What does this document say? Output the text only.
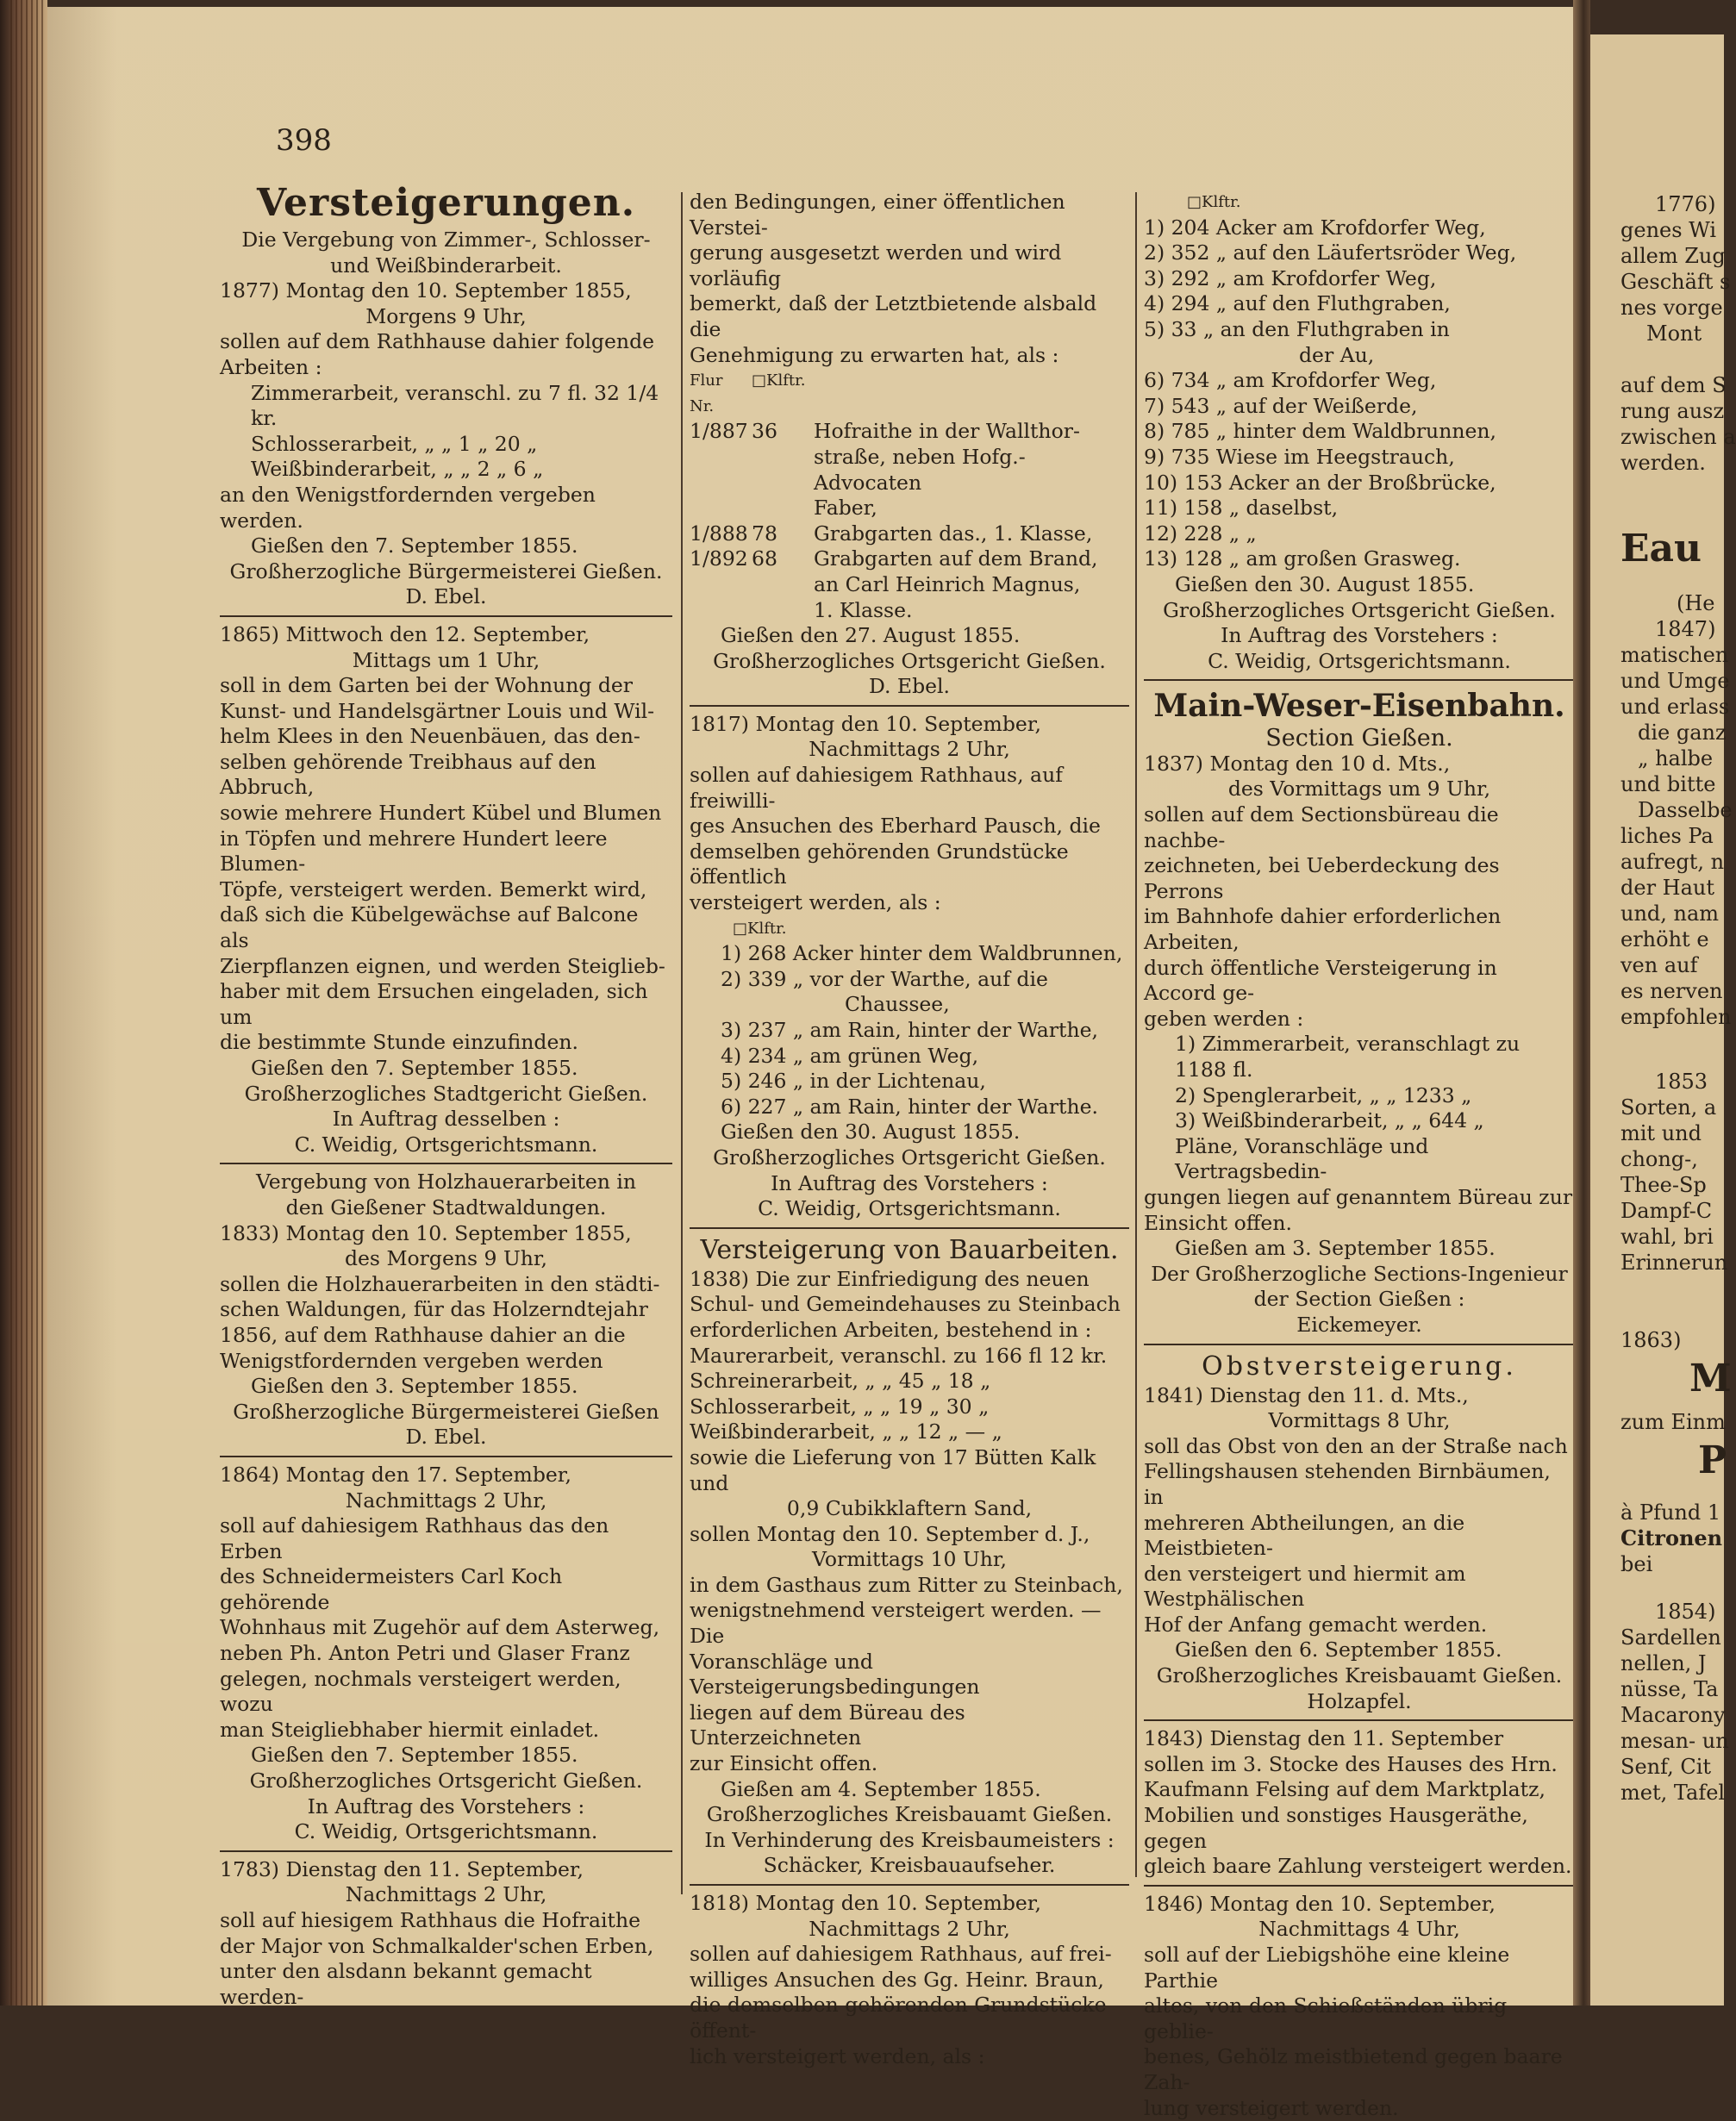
398

Versteigerungen.

Die Vergebung von Zimmer-, Schlosser-

und Weißbinderarbeit.

1877) Montag den 10. September 1855,

Morgens 9 Uhr,

sollen auf dem Rathhause dahier folgende

Arbeiten :

Zimmerarbeit, veranschl. zu 7 fl. 32 1/4 kr.

Schlosserarbeit, „ „ 1 „ 20 „

Weißbinderarbeit, „ „ 2 „ 6 „

an den Wenigstfordernden vergeben werden.

Gießen den 7. September 1855.

Großherzogliche Bürgermeisterei Gießen.

D. Ebel.

1865) Mittwoch den 12. September,

Mittags um 1 Uhr,

soll in dem Garten bei der Wohnung der

Kunst- und Handelsgärtner Louis und Wil-

helm Klees in den Neuenbäuen, das den-

selben gehörende Treibhaus auf den Abbruch,

sowie mehrere Hundert Kübel und Blumen

in Töpfen und mehrere Hundert leere Blumen-

Töpfe, versteigert werden. Bemerkt wird,

daß sich die Kübelgewächse auf Balcone als

Zierpflanzen eignen, und werden Steiglieb-

haber mit dem Ersuchen eingeladen, sich um

die bestimmte Stunde einzufinden.

Gießen den 7. September 1855.

Großherzogliches Stadtgericht Gießen.

In Auftrag desselben :

C. Weidig, Ortsgerichtsmann.

Vergebung von Holzhauerarbeiten in

den Gießener Stadtwaldungen.

1833) Montag den 10. September 1855,

des Morgens 9 Uhr,

sollen die Holzhauerarbeiten in den städti-

schen Waldungen, für das Holzerndtejahr

1856, auf dem Rathhause dahier an die

Wenigstfordernden vergeben werden

Gießen den 3. September 1855.

Großherzogliche Bürgermeisterei Gießen

D. Ebel.

1864) Montag den 17. September,

Nachmittags 2 Uhr,

soll auf dahiesigem Rathhaus das den Erben

des Schneidermeisters Carl Koch gehörende

Wohnhaus mit Zugehör auf dem Asterweg,

neben Ph. Anton Petri und Glaser Franz

gelegen, nochmals versteigert werden, wozu

man Steigliebhaber hiermit einladet.

Gießen den 7. September 1855.

Großherzogliches Ortsgericht Gießen.

In Auftrag des Vorstehers :

C. Weidig, Ortsgerichtsmann.

1783) Dienstag den 11. September,

Nachmittags 2 Uhr,

soll auf hiesigem Rathhaus die Hofraithe

der Major von Schmalkalder'schen Erben,

unter den alsdann bekannt gemacht werden-

den Bedingungen, einer öffentlichen Verstei-

gerung ausgesetzt werden und wird vorläufig

bemerkt, daß der Letztbietende alsbald die

Genehmigung zu erwarten hat, als :

Flur Nr.
□Klftr.
1/887 36	Hofraithe in der Wallthor-

straße, neben Hofg.-Advocaten

Faber,

1/888 78	Grabgarten das., 1. Klasse,
1/892 68	Grabgarten auf dem Brand,

an Carl Heinrich Magnus,

1. Klasse.

Gießen den 27. August 1855.

Großherzogliches Ortsgericht Gießen.

D. Ebel.

1817) Montag den 10. September,

Nachmittags 2 Uhr,

sollen auf dahiesigem Rathhaus, auf freiwilli-

ges Ansuchen des Eberhard Pausch, die

demselben gehörenden Grundstücke öffentlich

versteigert werden, als :

□Klftr.

1) 268 Acker hinter dem Waldbrunnen,

2) 339 „ vor der Warthe, auf die

Chaussee,

3) 237 „ am Rain, hinter der Warthe,

4) 234 „ am grünen Weg,

5) 246 „ in der Lichtenau,

6) 227 „ am Rain, hinter der Warthe.

Gießen den 30. August 1855.

Großherzogliches Ortsgericht Gießen.

In Auftrag des Vorstehers :

C. Weidig, Ortsgerichtsmann.

Versteigerung von Bauarbeiten.

1838) Die zur Einfriedigung des neuen

Schul- und Gemeindehauses zu Steinbach

erforderlichen Arbeiten, bestehend in :

Maurerarbeit, veranschl. zu 166 fl 12 kr.

Schreinerarbeit, „ „ 45 „ 18 „

Schlosserarbeit, „ „ 19 „ 30 „

Weißbinderarbeit, „ „ 12 „ — „

sowie die Lieferung von 17 Bütten Kalk und

0,9 Cubikklaftern Sand,

sollen Montag den 10. September d. J.,

Vormittags 10 Uhr,

in dem Gasthaus zum Ritter zu Steinbach,

wenigstnehmend versteigert werden. — Die

Voranschläge und Versteigerungsbedingungen

liegen auf dem Büreau des Unterzeichneten

zur Einsicht offen.

Gießen am 4. September 1855.

Großherzogliches Kreisbauamt Gießen.

In Verhinderung des Kreisbaumeisters :

Schäcker, Kreisbauaufseher.

1818) Montag den 10. September,

Nachmittags 2 Uhr,

sollen auf dahiesigem Rathhaus, auf frei-

williges Ansuchen des Gg. Heinr. Braun,

die demselben gehörenden Grundstücke öffent-

lich versteigert werden, als :

□Klftr.

1) 204 Acker am Krofdorfer Weg,

2) 352 „ auf den Läufertsröder Weg,

3) 292 „ am Krofdorfer Weg,

4) 294 „ auf den Fluthgraben,

5) 33 „ an den Fluthgraben in

der Au,

6) 734 „ am Krofdorfer Weg,

7) 543 „ auf der Weißerde,

8) 785 „ hinter dem Waldbrunnen,

9) 735 Wiese im Heegstrauch,

10) 153 Acker an der Broßbrücke,

11) 158 „ daselbst,

12) 228 „ „

13) 128 „ am großen Grasweg.

Gießen den 30. August 1855.

Großherzogliches Ortsgericht Gießen.

In Auftrag des Vorstehers :

C. Weidig, Ortsgerichtsmann.

Main-Weser-Eisenbahn.

Section Gießen.

1837) Montag den 10 d. Mts.,

des Vormittags um 9 Uhr,

sollen auf dem Sectionsbüreau die nachbe-

zeichneten, bei Ueberdeckung des Perrons

im Bahnhofe dahier erforderlichen Arbeiten,

durch öffentliche Versteigerung in Accord ge-

geben werden :

1) Zimmerarbeit, veranschlagt zu 1188 fl.

2) Spenglerarbeit, „ „ 1233 „

3) Weißbinderarbeit, „ „ 644 „

Pläne, Voranschläge und Vertragsbedin-

gungen liegen auf genanntem Büreau zur

Einsicht offen.

Gießen am 3. September 1855.

Der Großherzogliche Sections-Ingenieur

der Section Gießen :

Eickemeyer.

Obstversteigerung.

1841) Dienstag den 11. d. Mts.,

Vormittags 8 Uhr,

soll das Obst von den an der Straße nach

Fellingshausen stehenden Birnbäumen, in

mehreren Abtheilungen, an die Meistbieten-

den versteigert und hiermit am Westphälischen

Hof der Anfang gemacht werden.

Gießen den 6. September 1855.

Großherzogliches Kreisbauamt Gießen.

Holzapfel.

1843) Dienstag den 11. September

sollen im 3. Stocke des Hauses des Hrn.

Kaufmann Felsing auf dem Marktplatz,

Mobilien und sonstiges Hausgeräthe, gegen

gleich baare Zahlung versteigert werden.

1846) Montag den 10. September,

Nachmittags 4 Uhr,

soll auf der Liebigshöhe eine kleine Parthie

altes, von den Schießständen übrig geblie-

benes, Gehölz meistbietend gegen baare Zah-

lung versteigert werden.

1776)
genes Wi
allem Zug
Geschäft s
nes vorge
Mont
auf dem S
rung ausz
zwischen a
werden.
Eau
(He
1847)
matischen
und Umge
und erlass
die ganz
„ halbe
und bitte
Dasselbe
liches Pa
aufregt, n
der Haut
und, nam
erhöht e
ven auf
es nerven
empfohlen
1853
Sorten, a
mit und
chong-,
Thee-Sp
Dampf-C
wahl, bri
Erinnerun
1863)
M
zum Einm
P
à Pfund 1
Citronen
bei
1854)
Sardellen
nellen, J
nüsse, Ta
Macarony
mesan- un
Senf, Cit
met, Tafel
